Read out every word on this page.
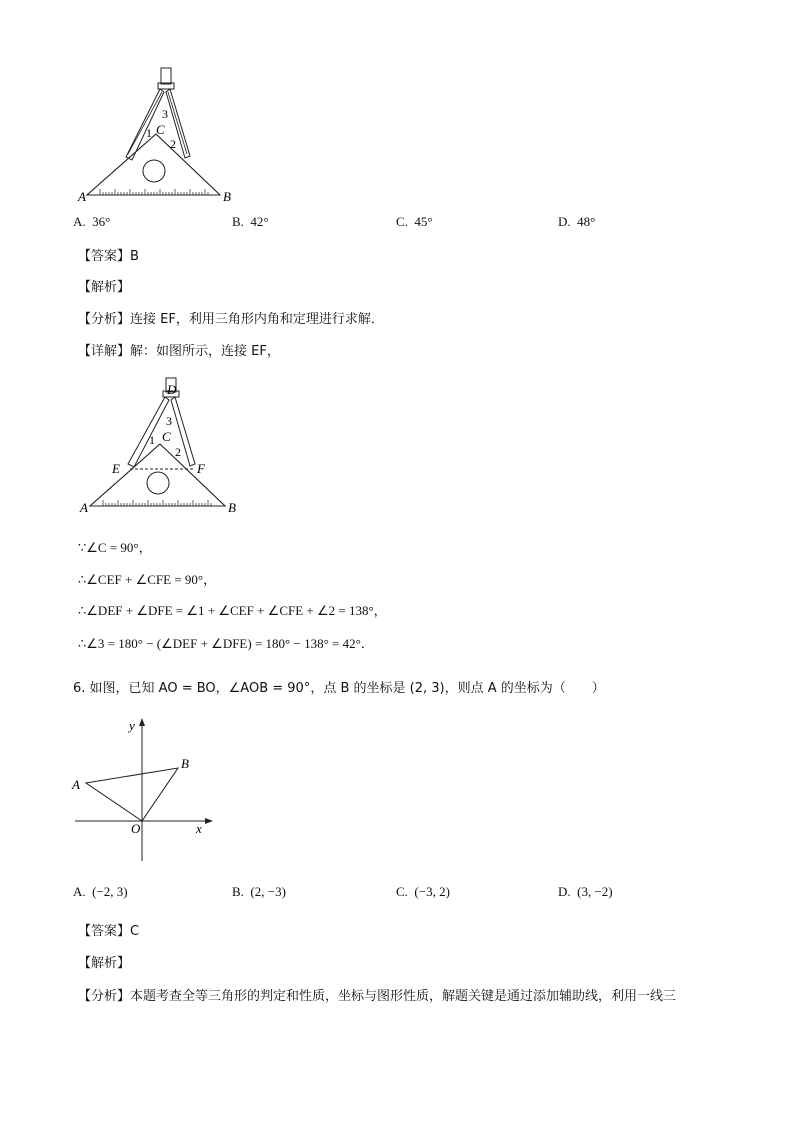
A	B
C
1
2
3
A. 36°	B. 42°	C. 45°	D. 48°
【答案】B
【解析】
【分析】连接 EF，利用三角形内角和定理进行求解．
【详解】解：如图所示，连接 EF，
A	B
C
D
E	F
1
2
3
∵∠C = 90°，
∴∠CEF + ∠CFE = 90°，
∴∠DEF + ∠DFE = ∠1 + ∠CEF + ∠CFE + ∠2 = 138°，
∴∠3 = 180° − (∠DEF + ∠DFE) = 180° − 138° = 42°．
6. 如图，已知 AO = BO，∠AOB = 90°，点 B 的坐标是 (2, 3)，则点 A 的坐标为（　　）
y
x
O
A
B
A. (−2, 3)	B. (2, −3)	C. (−3, 2)	D. (3, −2)
【答案】C
【解析】
【分析】本题考查全等三角形的判定和性质，坐标与图形性质，解题关键是通过添加辅助线，利用一线三
